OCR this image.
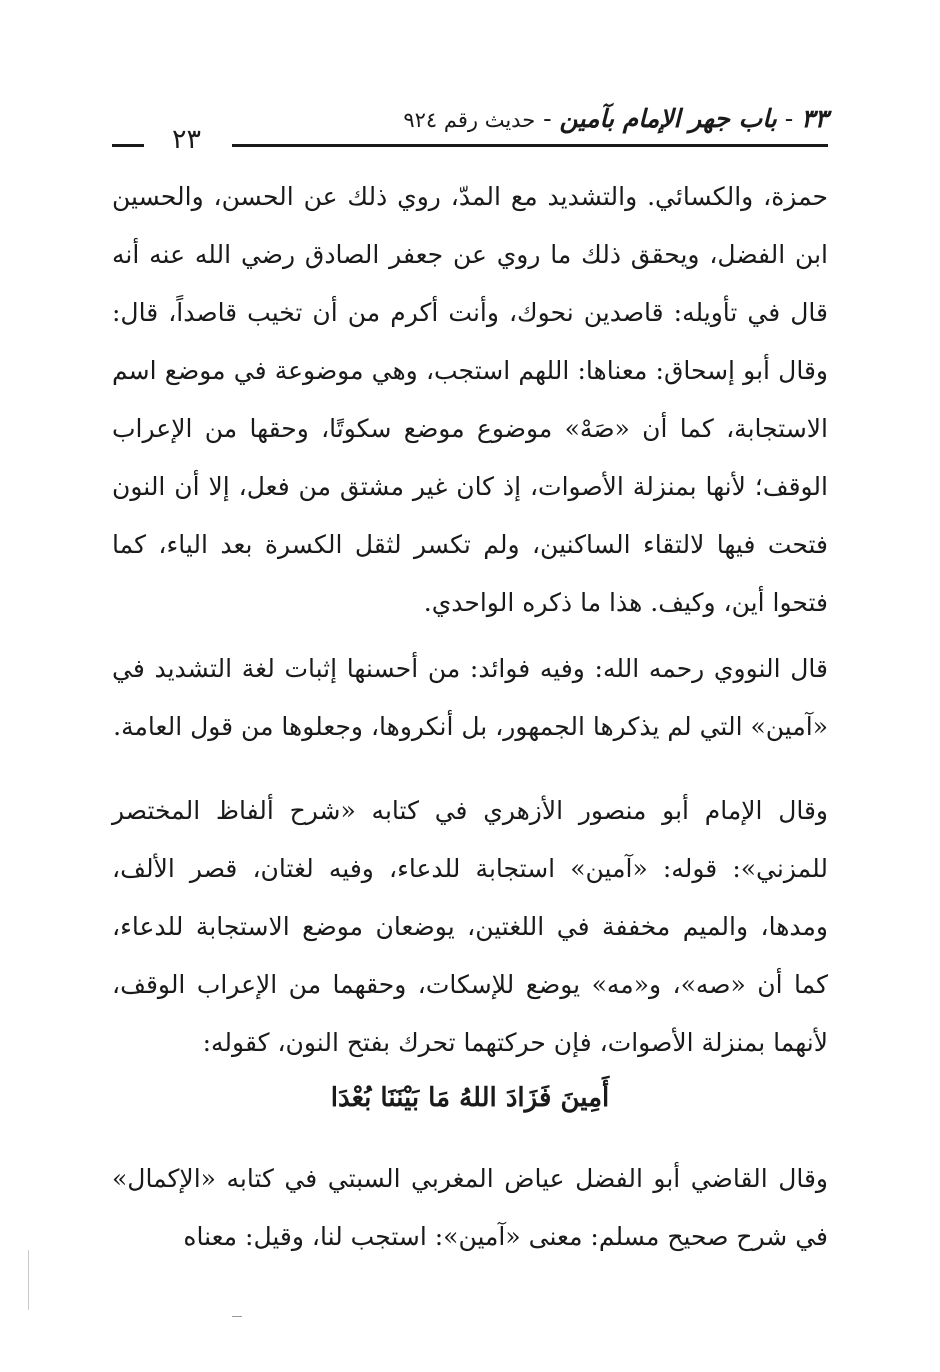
٣٣ - باب جهر الإمام بآمين - حديث رقم ٩٢٤
٢٣

حمزة، والكسائي. والتشديد مع المدّ، روي ذلك عن الحسن، والحسين ابن الفضل، ويحقق ذلك ما روي عن جعفر الصادق رضي الله عنه أنه قال في تأويله: قاصدين نحوك، وأنت أكرم من أن تخيب قاصداً، قال: وقال أبو إسحاق: معناها: اللهم استجب، وهي موضوعة في موضع اسم الاستجابة، كما أن «صَهْ» موضوع موضع سكوتًا، وحقها من الإعراب الوقف؛ لأنها بمنزلة الأصوات، إذ كان غير مشتق من فعل، إلا أن النون فتحت فيها لالتقاء الساكنين، ولم تكسر لثقل الكسرة بعد الياء، كما فتحوا أين، وكيف. هذا ما ذكره الواحدي.

قال النووي رحمه الله: وفيه فوائد: من أحسنها إثبات لغة التشديد في «آمين» التي لم يذكرها الجمهور، بل أنكروها، وجعلوها من قول العامة.

وقال الإمام أبو منصور الأزهري في كتابه «شرح ألفاظ المختصر للمزني»: قوله: «آمين» استجابة للدعاء، وفيه لغتان، قصر الألف، ومدها، والميم مخففة في اللغتين، يوضعان موضع الاستجابة للدعاء، كما أن «صه»، و«مه» يوضع للإسكات، وحقهما من الإعراب الوقف، لأنهما بمنزلة الأصوات، فإن حركتهما تحرك بفتح النون، كقوله:

أَمِينَ فَزَادَ اللهُ مَا بَيْنَنَا بُعْدَا

وقال القاضي أبو الفضل عياض المغربي السبتي في كتابه «الإكمال» في شرح صحيح مسلم: معنى «آمين»: استجب لنا، وقيل: معناه
